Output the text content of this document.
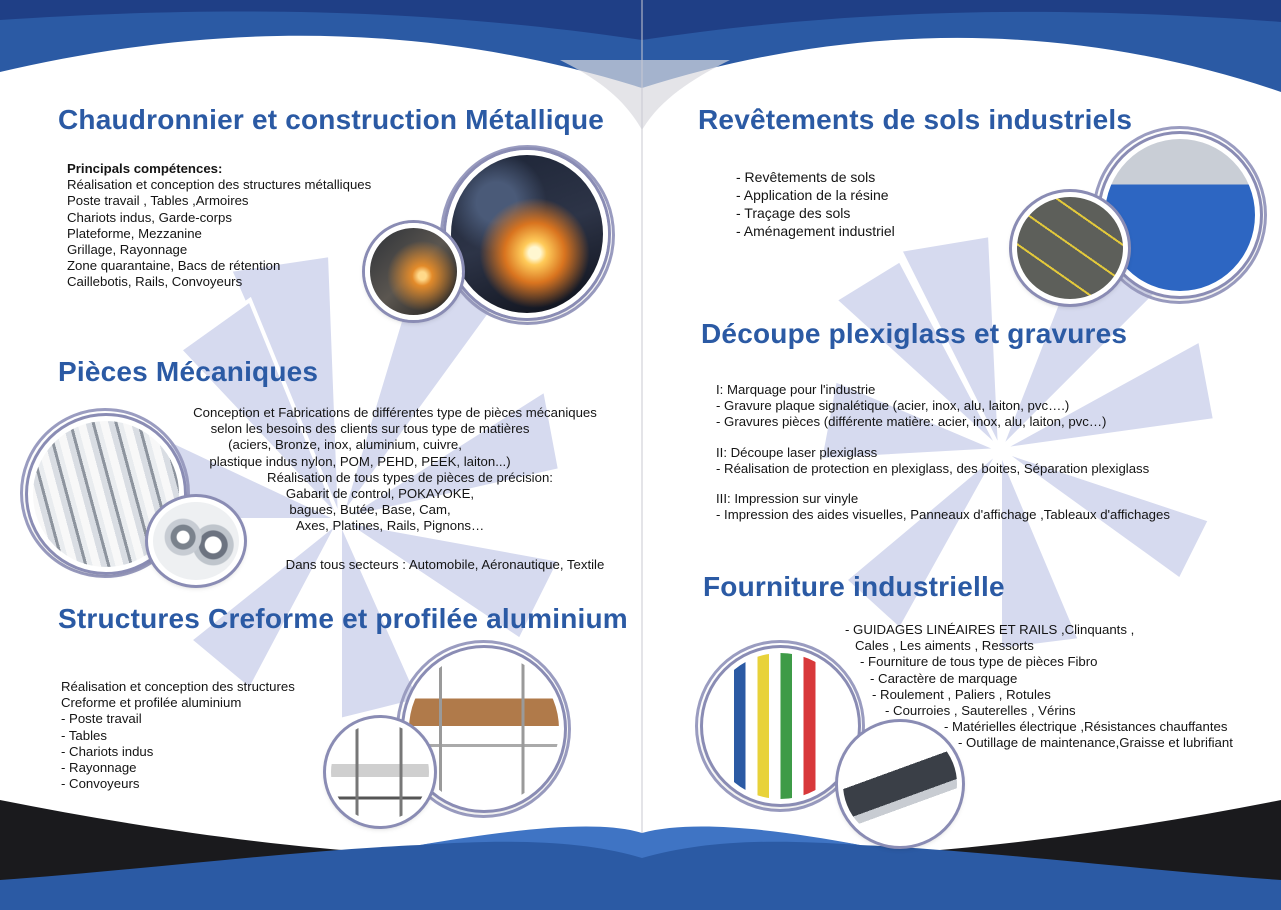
Chaudronnier et construction Métallique
Principals compétences:
Réalisation et conception des structures métalliques
Poste travail , Tables ,Armoires
Chariots indus, Garde-corps
Plateforme, Mezzanine
Grillage, Rayonnage
Zone quarantaine, Bacs de rétention
Caillebotis, Rails, Convoyeurs
Pièces Mécaniques
Conception et Fabrications de différentes type de pièces mécaniques
selon les besoins des clients sur tous type de matières
(aciers, Bronze, inox, aluminium, cuivre,
plastique indus nylon, POM, PEHD, PEEK, laiton...)
Réalisation de tous types de pièces de précision:
Gabarit de control, POKAYOKE,
bagues, Butée, Base, Cam,
Axes, Platines, Rails, Pignons…
Dans tous secteurs : Automobile, Aéronautique, Textile
Structures Creforme et profilée aluminium
Réalisation et conception des structures
Creforme et profilée aluminium
- Poste travail
- Tables
- Chariots indus
- Rayonnage
- Convoyeurs
Revêtements de sols industriels
- Revêtements de sols
- Application de la résine
- Traçage des sols
- Aménagement industriel
Découpe plexiglass et gravures
I: Marquage pour l'industrie
- Gravure plaque signalétique (acier, inox, alu, laiton, pvc….)
- Gravures pièces (différente matière: acier, inox, alu, laiton, pvc…)
II: Découpe laser plexiglass
- Réalisation de protection en plexiglass, des boites, Séparation plexiglass
III: Impression sur vinyle
- Impression des aides visuelles, Panneaux d'affichage ,Tableaux d'affichages
Fourniture industrielle
- GUIDAGES LINÉAIRES ET RAILS ,Clinquants ,
Cales , Les aiments , Ressorts
- Fourniture de tous type de pièces Fibro
- Caractère de marquage
- Roulement , Paliers , Rotules
- Courroies , Sauterelles , Vérins
- Matérielles électrique ,Résistances chauffantes
- Outillage de maintenance,Graisse et lubrifiant
